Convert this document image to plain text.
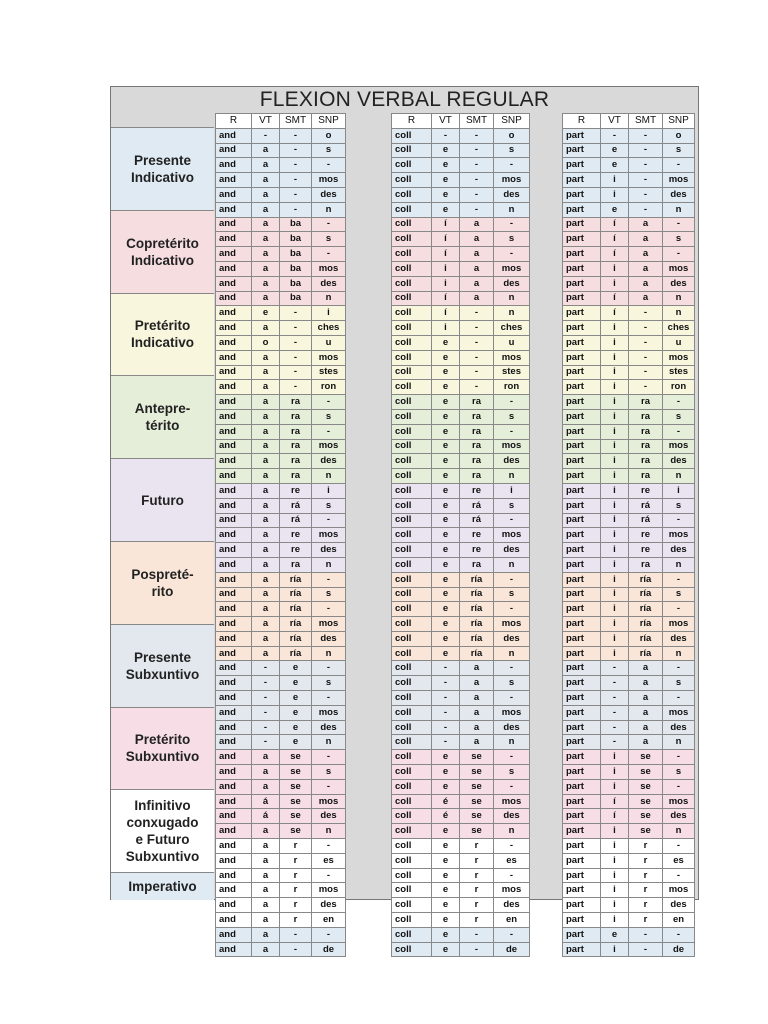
FLEXION VERBAL REGULAR
Presente
Indicativo
Copretérito
Indicativo
Pretérito
Indicativo
Antepre-
térito
Futuro
Pospreté-
rito
Presente
Subxuntivo
Pretérito
Subxuntivo
Infinitivo
conxugado
e Futuro
Subxuntivo
Imperativo
R	VT	SMT	SNP
and	-	-	o
and	a	-	s
and	a	-	-
and	a	-	mos
and	a	-	des
and	a	-	n
and	a	ba	-
and	a	ba	s
and	a	ba	-
and	a	ba	mos
and	a	ba	des
and	a	ba	n
and	e	-	i
and	a	-	ches
and	o	-	u
and	a	-	mos
and	a	-	stes
and	a	-	ron
and	a	ra	-
and	a	ra	s
and	a	ra	-
and	a	ra	mos
and	a	ra	des
and	a	ra	n
and	a	re	i
and	a	rá	s
and	a	rá	-
and	a	re	mos
and	a	re	des
and	a	ra	n
and	a	ría	-
and	a	ría	s
and	a	ría	-
and	a	ría	mos
and	a	ría	des
and	a	ría	n
and	-	e	-
and	-	e	s
and	-	e	-
and	-	e	mos
and	-	e	des
and	-	e	n
and	a	se	-
and	a	se	s
and	a	se	-
and	á	se	mos
and	á	se	des
and	a	se	n
and	a	r	-
and	a	r	es
and	a	r	-
and	a	r	mos
and	a	r	des
and	a	r	en
and	a	-	-
and	a	-	de
R	VT	SMT	SNP
coll	-	-	o
coll	e	-	s
coll	e	-	-
coll	e	-	mos
coll	e	-	des
coll	e	-	n
coll	í	a	-
coll	í	a	s
coll	í	a	-
coll	i	a	mos
coll	i	a	des
coll	í	a	n
coll	í	-	n
coll	i	-	ches
coll	e	-	u
coll	e	-	mos
coll	e	-	stes
coll	e	-	ron
coll	e	ra	-
coll	e	ra	s
coll	e	ra	-
coll	e	ra	mos
coll	e	ra	des
coll	e	ra	n
coll	e	re	i
coll	e	rá	s
coll	e	rá	-
coll	e	re	mos
coll	e	re	des
coll	e	ra	n
coll	e	ría	-
coll	e	ría	s
coll	e	ría	-
coll	e	ría	mos
coll	e	ría	des
coll	e	ría	n
coll	-	a	-
coll	-	a	s
coll	-	a	-
coll	-	a	mos
coll	-	a	des
coll	-	a	n
coll	e	se	-
coll	e	se	s
coll	e	se	-
coll	é	se	mos
coll	é	se	des
coll	e	se	n
coll	e	r	-
coll	e	r	es
coll	e	r	-
coll	e	r	mos
coll	e	r	des
coll	e	r	en
coll	e	-	-
coll	e	-	de
R	VT	SMT	SNP
part	-	-	o
part	e	-	s
part	e	-	-
part	i	-	mos
part	i	-	des
part	e	-	n
part	í	a	-
part	í	a	s
part	í	a	-
part	i	a	mos
part	i	a	des
part	í	a	n
part	í	-	n
part	i	-	ches
part	i	-	u
part	i	-	mos
part	i	-	stes
part	i	-	ron
part	i	ra	-
part	i	ra	s
part	i	ra	-
part	i	ra	mos
part	i	ra	des
part	i	ra	n
part	i	re	i
part	i	rá	s
part	i	rá	-
part	i	re	mos
part	i	re	des
part	i	ra	n
part	i	ría	-
part	i	ría	s
part	i	ría	-
part	i	ría	mos
part	i	ría	des
part	i	ría	n
part	-	a	-
part	-	a	s
part	-	a	-
part	-	a	mos
part	-	a	des
part	-	a	n
part	i	se	-
part	i	se	s
part	i	se	-
part	í	se	mos
part	í	se	des
part	i	se	n
part	i	r	-
part	i	r	es
part	i	r	-
part	i	r	mos
part	i	r	des
part	i	r	en
part	e	-	-
part	i	-	de
